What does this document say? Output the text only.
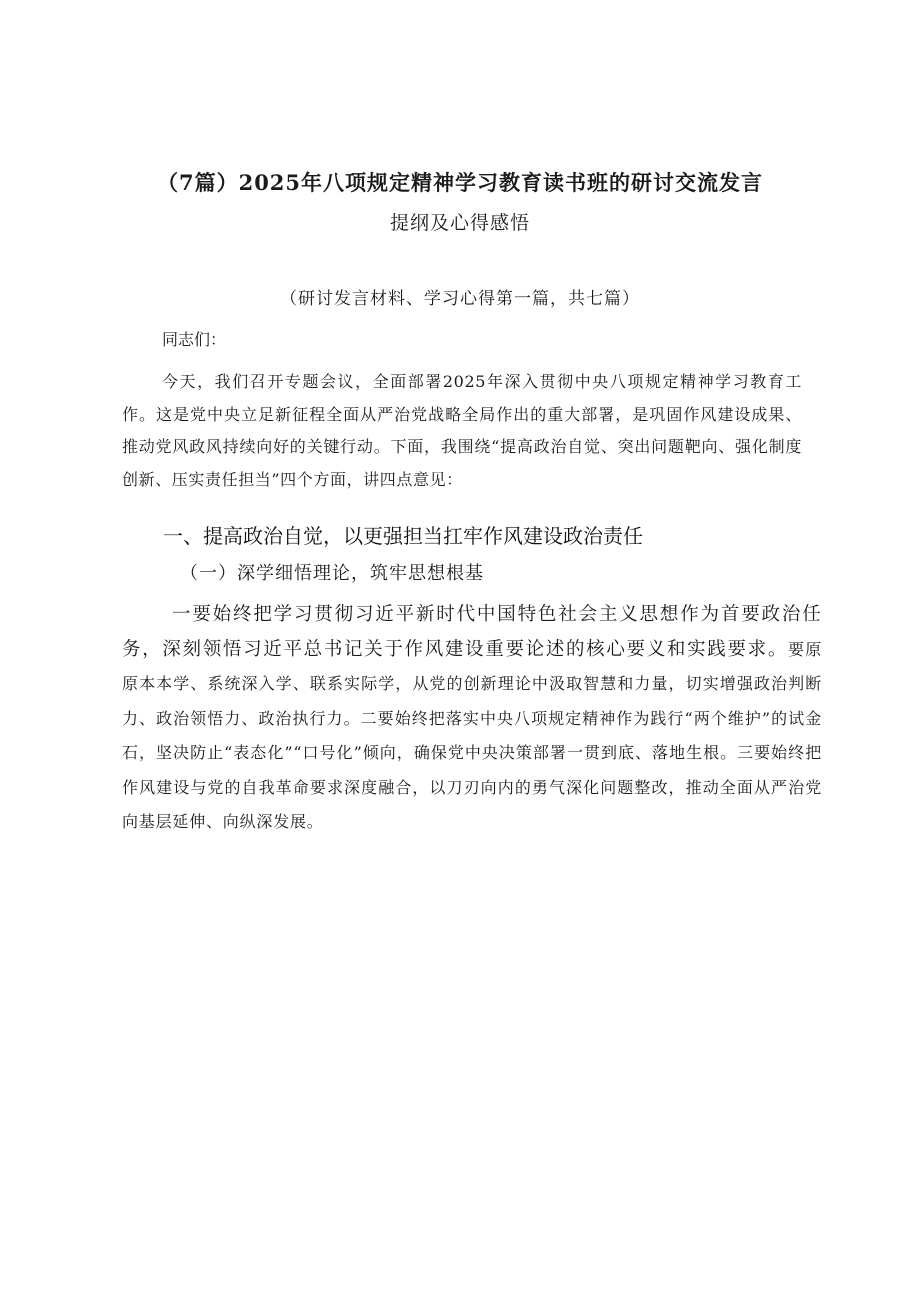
（7篇）2025年八项规定精神学习教育读书班的研讨交流发言
提纲及心得感悟
（研讨发言材料、学习心得第一篇，共七篇）
同志们：

今天，我们召开专题会议，全面部署2025年深入贯彻中央八项规定精神学习教育工作。这是党中央立足新征程全面从严治党战略全局作出的重大部署，是巩固作风建设成果、推动党风政风持续向好的关键行动。下面，我围绕“提高政治自觉、突出问题靶向、强化制度创新、压实责任担当”四个方面，讲四点意见：

一、提高政治自觉，以更强担当扛牢作风建设政治责任
（一）深学细悟理论，筑牢思想根基

一要始终把学习贯彻习近平新时代中国特色社会主义思想作为首要政治任务，深刻领悟习近平总书记关于作风建设重要论述的核心要义和实践要求。要原原本本学、系统深入学、联系实际学，从党的创新理论中汲取智慧和力量，切实增强政治判断力、政治领悟力、政治执行力。二要始终把落实中央八项规定精神作为践行“两个维护”的试金石，坚决防止“表态化”“口号化”倾向，确保党中央决策部署一贯到底、落地生根。三要始终把作风建设与党的自我革命要求深度融合，以刀刃向内的勇气深化问题整改，推动全面从严治党向基层延伸、向纵深发展。
